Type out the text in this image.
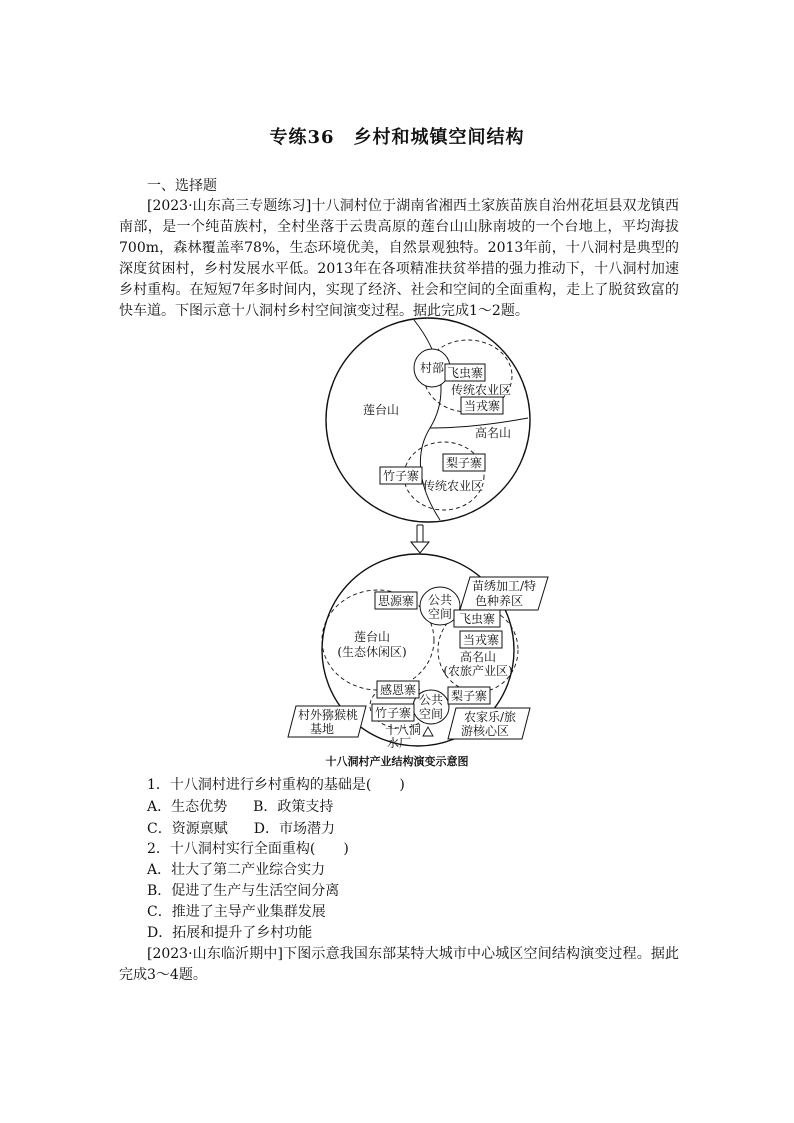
专练36　乡村和城镇空间结构
一、选择题
[2023·山东高三专题练习]十八洞村位于湖南省湘西土家族苗族自治州花垣县双龙镇西南部，是一个纯苗族村，全村坐落于云贵高原的莲台山山脉南坡的一个台地上，平均海拔700m，森林覆盖率78%，生态环境优美，自然景观独特。2013年前，十八洞村是典型的深度贫困村，乡村发展水平低。2013年在各项精准扶贫举措的强力推动下，十八洞村加速乡村重构。在短短7年多时间内，实现了经济、社会和空间的全面重构，走上了脱贫致富的快车道。下图示意十八洞村乡村空间演变过程。据此完成1～2题。
村部 飞虫寨
传统农业区
当戎寨
高名山
莲台山
梨子寨
竹子寨
传统农业区
公共
空间
公共
空间
思源寨
苗绣加工/特
色种养区
飞虫寨
莲台山
(生态休闲区)
当戎寨
高名山
(农旅产业区)
感恩寨	梨子寨
竹子寨
村外猕猴桃
基地
农家乐/旅
游核心区
十八洞
水厂
十八洞村产业结构演变示意图
1．十八洞村进行乡村重构的基础是(　　)
A．生态优势 B．政策支持
C．资源禀赋 D．市场潜力
2．十八洞村实行全面重构(　　)
A．壮大了第二产业综合实力
B．促进了生产与生活空间分离
C．推进了主导产业集群发展
D．拓展和提升了乡村功能
[2023·山东临沂期中]下图示意我国东部某特大城市中心城区空间结构演变过程。据此完成3～4题。
